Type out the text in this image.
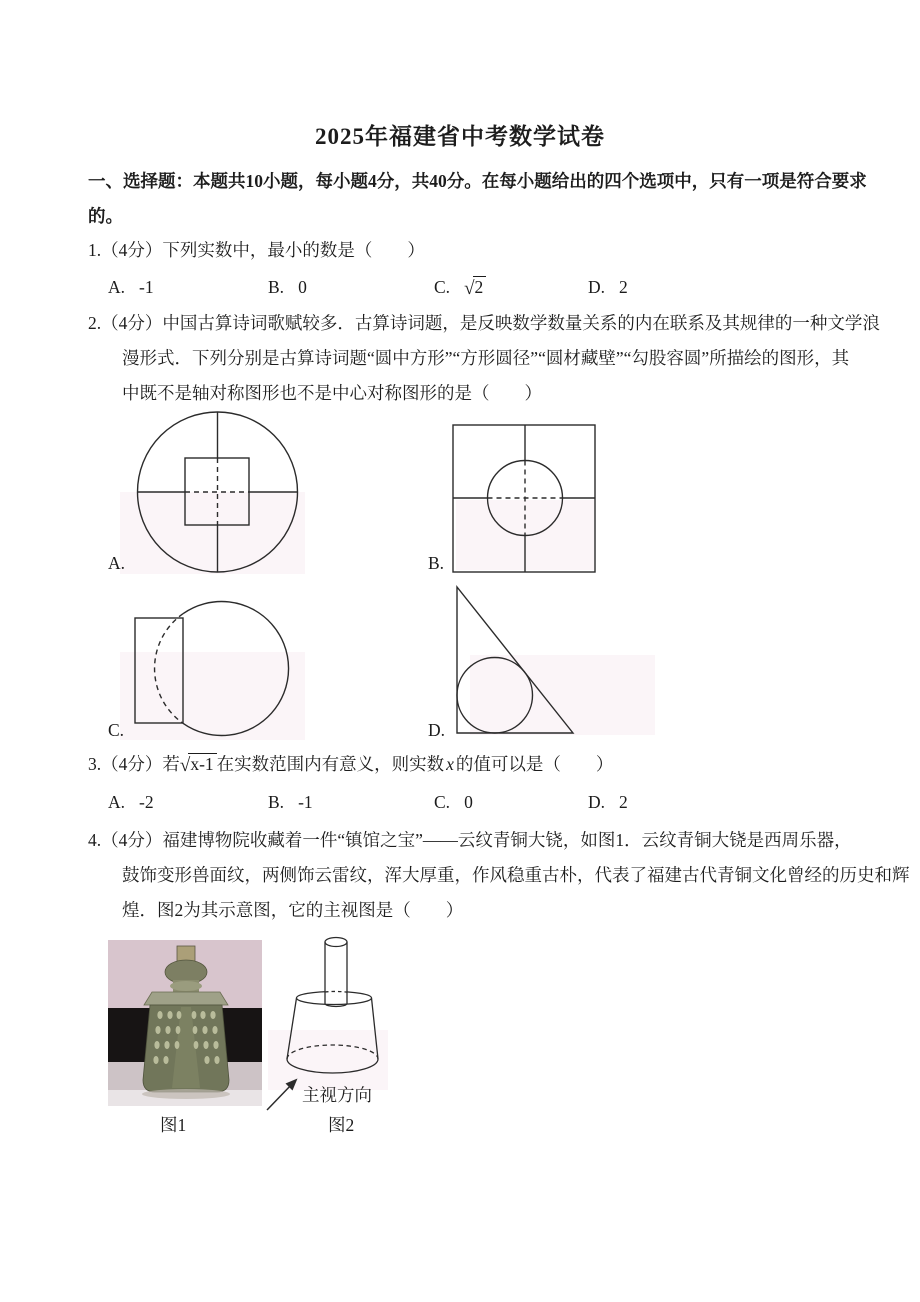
2025年福建省中考数学试卷
一、选择题：本题共10小题，每小题4分，共40分。在每小题给出的四个选项中，只有一项是符合要求
的。
1.（4分）下列实数中，最小的数是（　　）
A. -1	B. 0	C. √2	D. 2
2.（4分）中国古算诗词歌赋较多．古算诗词题，是反映数学数量关系的内在联系及其规律的一种文学浪
漫形式．下列分别是古算诗词题“圆中方形”“方形圆径”“圆材藏壁”“勾股容圆”所描绘的图形，其
中既不是轴对称图形也不是中心对称图形的是（　　）
A.	B.
C.	D.
3.（4分）若√x-1 在实数范围内有意义，则实数 x 的值可以是（　　）
A. -2	B. -1	C. 0	D. 2
4.（4分）福建博物院收藏着一件“镇馆之宝”——云纹青铜大铙，如图1．云纹青铜大铙是西周乐器，
鼓饰变形兽面纹，两侧饰云雷纹，浑大厚重，作风稳重古朴，代表了福建古代青铜文化曾经的历史和辉
煌．图2为其示意图，它的主视图是（　　）
主视方向
图1	图2
